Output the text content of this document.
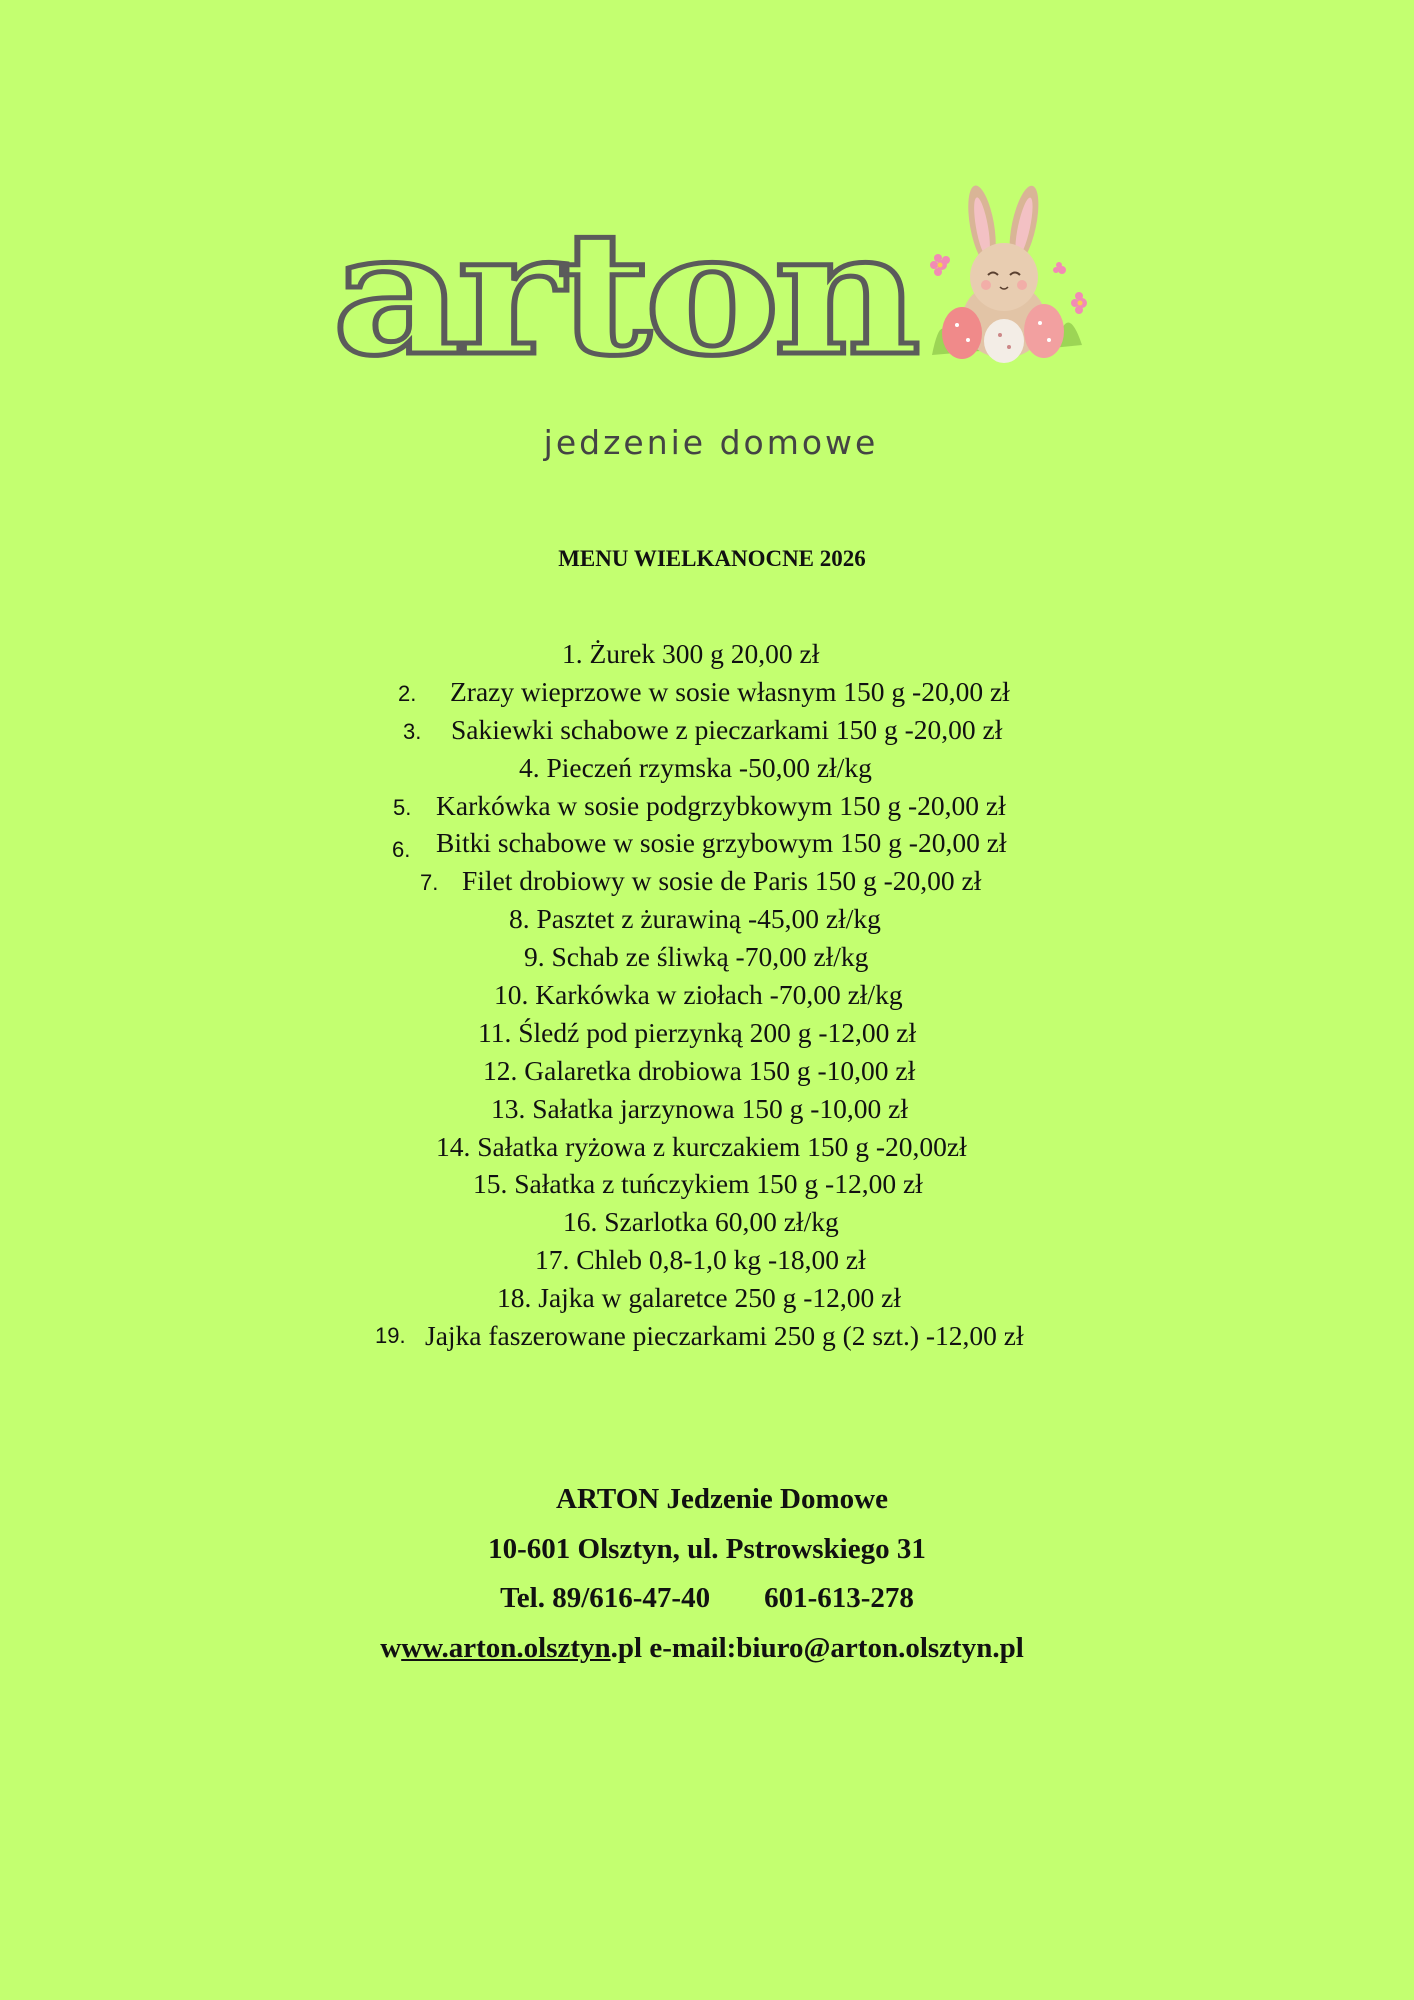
arton
jedzenie domowe
MENU WIELKANOCNE 2026
1. Żurek 300 g 20,00 zł
2. Zrazy wieprzowe w sosie własnym 150 g -20,00 zł
3. Sakiewki schabowe z pieczarkami 150 g -20,00 zł
4. Pieczeń rzymska -50,00 zł/kg
5. Karkówka w sosie podgrzybkowym 150 g -20,00 zł
6. Bitki schabowe w sosie grzybowym 150 g -20,00 zł
7. Filet drobiowy w sosie de Paris 150 g -20,00 zł
8. Pasztet z żurawiną -45,00 zł/kg
9. Schab ze śliwką -70,00 zł/kg
10. Karkówka w ziołach -70,00 zł/kg
11. Śledź pod pierzynką 200 g -12,00 zł
12. Galaretka drobiowa 150 g -10,00 zł
13. Sałatka jarzynowa 150 g -10,00 zł
14. Sałatka ryżowa z kurczakiem 150 g -20,00zł
15. Sałatka z tuńczykiem 150 g -12,00 zł
16. Szarlotka 60,00 zł/kg
17. Chleb 0,8-1,0 kg -18,00 zł
18. Jajka w galaretce 250 g -12,00 zł
19. Jajka faszerowane pieczarkami 250 g (2 szt.) -12,00 zł
ARTON Jedzenie Domowe
10-601 Olsztyn, ul. Pstrowskiego 31
Tel. 89/616-47-40 601-613-278
www.arton.olsztyn.pl e-mail:biuro@arton.olsztyn.pl
